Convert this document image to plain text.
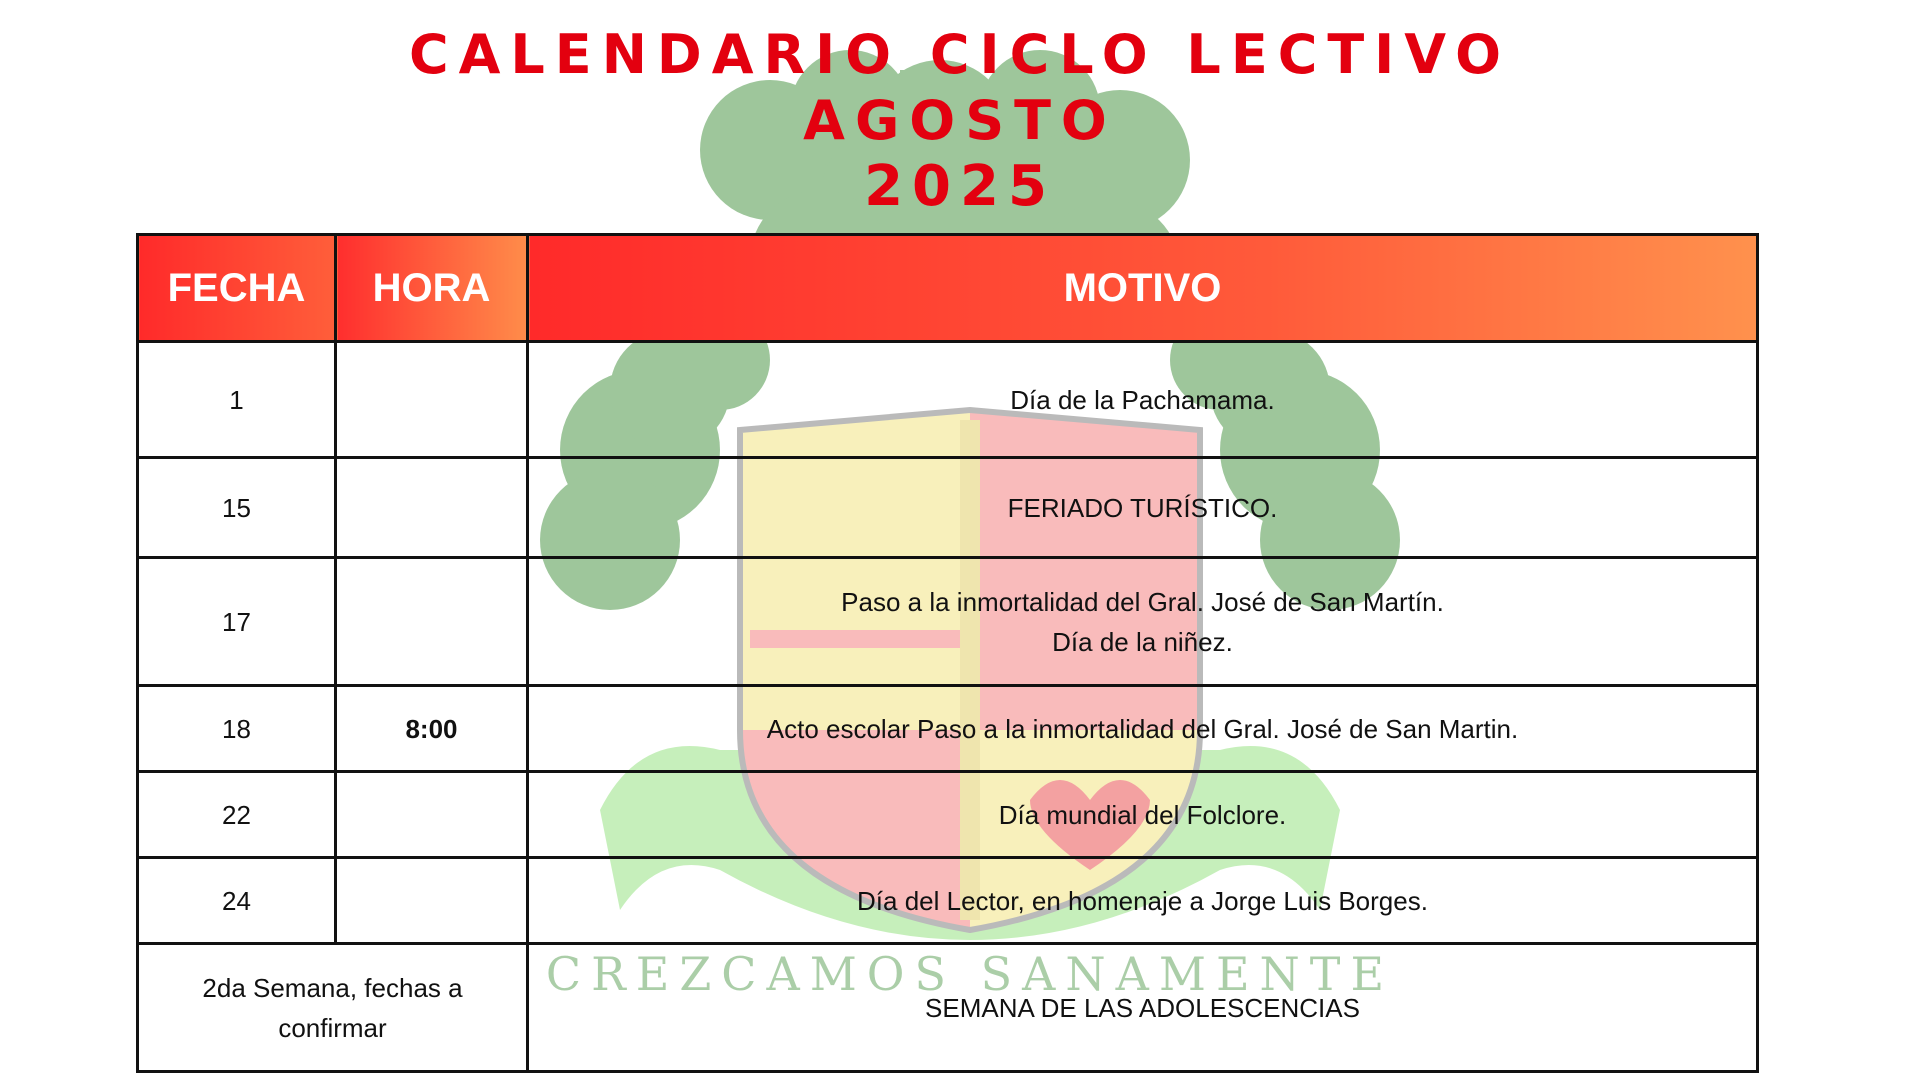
CREZCAMOS SANAMENTE
CALENDARIO CICLO LECTIVO
AGOSTO
2025
FECHA	HORA	MOTIVO
1		Día de la Pachamama.

15		FERIADO TURÍSTICO.

17		Paso a la inmortalidad del Gral. José de San Martín.
Día de la niñez.

18	8:00	Acto escolar Paso a la inmortalidad del Gral. José de San Martin.

22		Día mundial del Folclore.

24		Día del Lector, en homenaje a Jorge Luis Borges.

2da Semana, fechas a confirmar		SEMANA DE LAS ADOLESCENCIAS
